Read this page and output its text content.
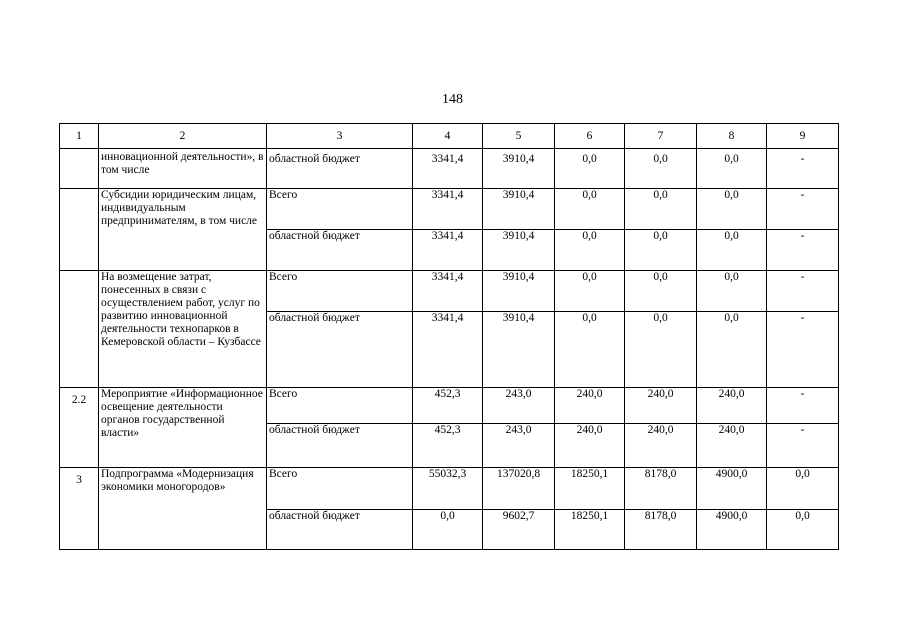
148
1	2	3	4	5	6	7	8	9
	инновационной деятельности», в том числе	областной бюджет	3341,4	3910,4	0,0	0,0	0,0	-
	Субсидии юридическим лицам, индивидуальным предпринимателям, в том числе	Всего	3341,4	3910,4	0,0	0,0	0,0	-
		областной бюджет	3341,4	3910,4	0,0	0,0	0,0	-
	На возмещение затрат, понесенных в связи с осуществлением работ, услуг по развитию инновационной деятельности технопарков в Кемеровской области – Кузбассе	Всего	3341,4	3910,4	0,0	0,0	0,0	-
		областной бюджет	3341,4	3910,4	0,0	0,0	0,0	-
2.2	Мероприятие «Информационное освещение деятельности органов государственной власти»	Всего	452,3	243,0	240,0	240,0	240,0	-
		областной бюджет	452,3	243,0	240,0	240,0	240,0	-
3	Подпрограмма «Модернизация экономики моногородов»	Всего	55032,3	137020,8	18250,1	8178,0	4900,0	0,0
		областной бюджет	0,0	9602,7	18250,1	8178,0	4900,0	0,0
